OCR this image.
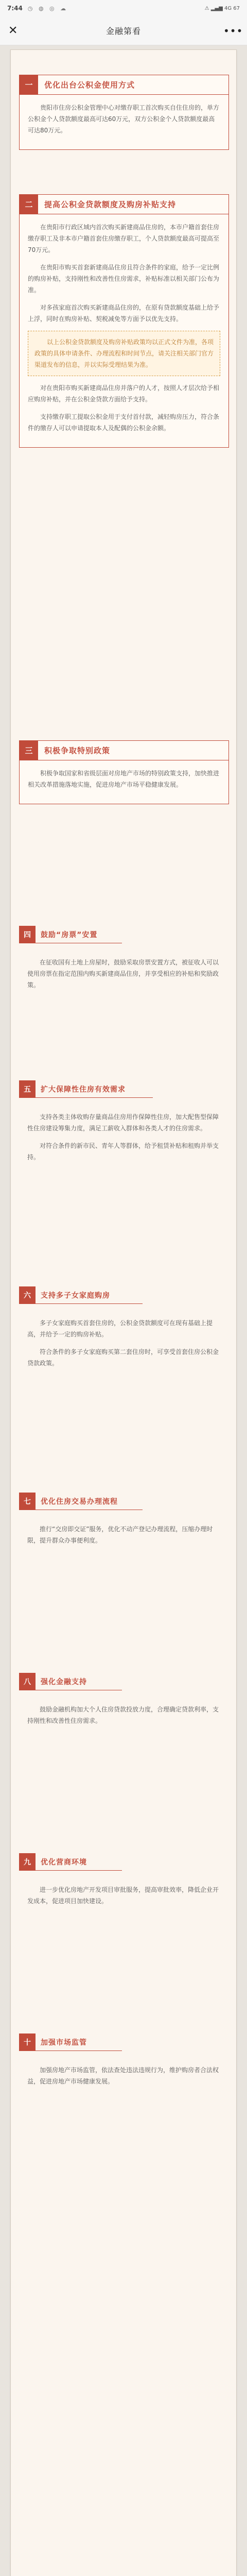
7:44 ◷ ◍ ◎ ☁	⚠ ▂▄▆ 4G 67
✕	金融第看	•••
一	优化出台公积金使用方式

贵阳市住房公积金管理中心对缴存职工首次购买自住住房的，单方公积金个人贷款额度最高可达60万元，双方公积金个人贷款额度最高可达80万元。

二	提高公积金贷款额度及购房补贴支持

在贵阳市行政区域内首次购买新建商品住房的，本市户籍首套住房缴存职工及非本市户籍首套住房缴存职工，个人贷款额度最高可提高至70万元。

在贵阳市购买首套新建商品住房且符合条件的家庭，给予一定比例的购房补贴，支持刚性和改善性住房需求，补贴标准以相关部门公布为准。

对多孩家庭首次购买新建商品住房的，在原有贷款额度基础上给予上浮，同时在购房补贴、契税减免等方面予以优先支持。

以上公积金贷款额度及购房补贴政策均以正式文件为准，各项政策的具体申请条件、办理流程和时间节点，请关注相关部门官方渠道发布的信息，并以实际受理结果为准。

对在贵阳市购买新建商品住房并落户的人才，按照人才层次给予相应购房补贴，并在公积金贷款方面给予支持。

支持缴存职工提取公积金用于支付首付款，减轻购房压力，符合条件的缴存人可以申请提取本人及配偶的公积金余额。

三	积极争取特别政策

积极争取国家和省级层面对房地产市场的特别政策支持，加快推进相关改革措施落地实施，促进房地产市场平稳健康发展。

四	鼓励“房票”安置

在征收国有土地上房屋时，鼓励采取房票安置方式，被征收人可以使用房票在指定范围内购买新建商品住房，并享受相应的补贴和奖励政策。

五	扩大保障性住房有效需求

支持各类主体收购存量商品住房用作保障性住房，加大配售型保障性住房建设筹集力度，满足工薪收入群体和各类人才的住房需求。

对符合条件的新市民、青年人等群体，给予租赁补贴和租购并举支持。

六	支持多子女家庭购房

多子女家庭购买首套住房的，公积金贷款额度可在现有基础上提高，并给予一定的购房补贴。

符合条件的多子女家庭购买第二套住房时，可享受首套住房公积金贷款政策。

七	优化住房交易办理流程

推行“交房即交证”服务，优化不动产登记办理流程，压缩办理时限，提升群众办事便利度。

八	强化金融支持

鼓励金融机构加大个人住房贷款投放力度，合理确定贷款利率，支持刚性和改善性住房需求。

九	优化营商环境

进一步优化房地产开发项目审批服务，提高审批效率，降低企业开发成本，促进项目加快建设。

十	加强市场监管

加强房地产市场监管，依法查处违法违规行为，维护购房者合法权益，促进房地产市场健康发展。
